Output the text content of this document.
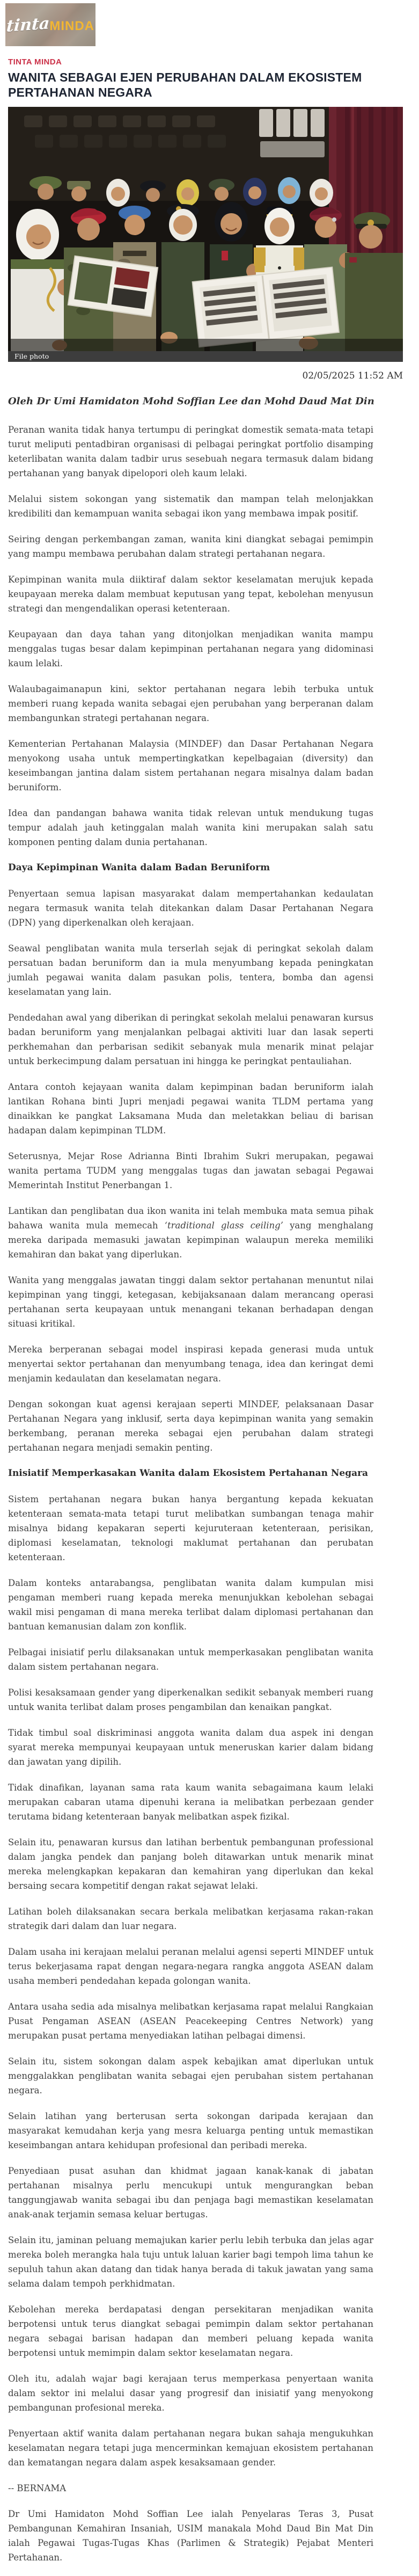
tinta
MINDA
TINTA MINDA
WANITA SEBAGAI EJEN PERUBAHAN DALAM EKOSISTEM PERTAHANAN NEGARA
File photo
02/05/2025 11:52 AM
Oleh Dr Umi Hamidaton Mohd Soffian Lee dan Mohd Daud Mat Din

Peranan wanita tidak hanya tertumpu di peringkat domestik semata-mata tetapi turut meliputi pentadbiran organisasi di pelbagai peringkat portfolio disamping keterlibatan wanita dalam tadbir urus sesebuah negara termasuk dalam bidang pertahanan yang banyak dipelopori oleh kaum lelaki.

Melalui sistem sokongan yang sistematik dan mampan telah melonjakkan kredibiliti dan kemampuan wanita sebagai ikon yang membawa impak positif.

Seiring dengan perkembangan zaman, wanita kini diangkat sebagai pemimpin yang mampu membawa perubahan dalam strategi pertahanan negara.

Kepimpinan wanita mula diiktiraf dalam sektor keselamatan merujuk kepada keupayaan mereka dalam membuat keputusan yang tepat, kebolehan menyusun strategi dan mengendalikan operasi ketenteraan.

Keupayaan dan daya tahan yang ditonjolkan menjadikan wanita mampu menggalas tugas besar dalam kepimpinan pertahanan negara yang didominasi kaum lelaki.

Walaubagaimanapun kini, sektor pertahanan negara lebih terbuka untuk memberi ruang kepada wanita sebagai ejen perubahan yang berperanan dalam membangunkan strategi pertahanan negara.

Kementerian Pertahanan Malaysia (MINDEF) dan Dasar Pertahanan Negara menyokong usaha untuk mempertingkatkan kepelbagaian (diversity) dan keseimbangan jantina dalam sistem pertahanan negara misalnya dalam badan beruniform.

Idea dan pandangan bahawa wanita tidak relevan untuk mendukung tugas tempur adalah jauh ketinggalan malah wanita kini merupakan salah satu komponen penting dalam dunia pertahanan.

Daya Kepimpinan Wanita dalam Badan Beruniform

Penyertaan semua lapisan masyarakat dalam mempertahankan kedaulatan negara termasuk wanita telah ditekankan dalam Dasar Pertahanan Negara (DPN) yang diperkenalkan oleh kerajaan.

Seawal penglibatan wanita mula terserlah sejak di peringkat sekolah dalam persatuan badan beruniform dan ia mula menyumbang kepada peningkatan jumlah pegawai wanita dalam pasukan polis, tentera, bomba dan agensi keselamatan yang lain.

Pendedahan awal yang diberikan di peringkat sekolah melalui penawaran kursus badan beruniform yang menjalankan pelbagai aktiviti luar dan lasak seperti perkhemahan dan perbarisan sedikit sebanyak mula menarik minat pelajar untuk berkecimpung dalam persatuan ini hingga ke peringkat pentauliahan.

Antara contoh kejayaan wanita dalam kepimpinan badan beruniform ialah lantikan Rohana binti Jupri menjadi pegawai wanita TLDM pertama yang dinaikkan ke pangkat Laksamana Muda dan meletakkan beliau di barisan hadapan dalam kepimpinan TLDM.

Seterusnya, Mejar Rose Adrianna Binti Ibrahim Sukri merupakan, pegawai wanita pertama TUDM yang menggalas tugas dan jawatan sebagai Pegawai Memerintah Institut Penerbangan 1.

Lantikan dan penglibatan dua ikon wanita ini telah membuka mata semua pihak bahawa wanita mula memecah ‘traditional glass ceiling’ yang menghalang mereka daripada memasuki jawatan kepimpinan walaupun mereka memiliki kemahiran dan bakat yang diperlukan.

Wanita yang menggalas jawatan tinggi dalam sektor pertahanan menuntut nilai kepimpinan yang tinggi, ketegasan, kebijaksanaan dalam merancang operasi pertahanan serta keupayaan untuk menangani tekanan berhadapan dengan situasi kritikal.

Mereka berperanan sebagai model inspirasi kepada generasi muda untuk menyertai sektor pertahanan dan menyumbang tenaga, idea dan keringat demi menjamin kedaulatan dan keselamatan negara.

Dengan sokongan kuat agensi kerajaan seperti MINDEF, pelaksanaan Dasar Pertahanan Negara yang inklusif, serta daya kepimpinan wanita yang semakin berkembang, peranan mereka sebagai ejen perubahan dalam strategi pertahanan negara menjadi semakin penting.

Inisiatif Memperkasakan Wanita dalam Ekosistem Pertahanan Negara

Sistem pertahanan negara bukan hanya bergantung kepada kekuatan ketenteraan semata-mata tetapi turut melibatkan sumbangan tenaga mahir misalnya bidang kepakaran seperti kejuruteraan ketenteraan, perisikan, diplomasi keselamatan, teknologi maklumat pertahanan dan perubatan ketenteraan.

Dalam konteks antarabangsa, penglibatan wanita dalam kumpulan misi pengaman memberi ruang kepada mereka menunjukkan kebolehan sebagai wakil misi pengaman di mana mereka terlibat dalam diplomasi pertahanan dan bantuan kemanusian dalam zon konflik.

Pelbagai inisiatif perlu dilaksanakan untuk memperkasakan penglibatan wanita dalam sistem pertahanan negara.

Polisi kesaksamaan gender yang diperkenalkan sedikit sebanyak memberi ruang untuk wanita terlibat dalam proses pengambilan dan kenaikan pangkat.

Tidak timbul soal diskriminasi anggota wanita dalam dua aspek ini dengan syarat mereka mempunyai keupayaan untuk meneruskan karier dalam bidang dan jawatan yang dipilih.

Tidak dinafikan, layanan sama rata kaum wanita sebagaimana kaum lelaki merupakan cabaran utama dipenuhi kerana ia melibatkan perbezaan gender terutama bidang ketenteraan banyak melibatkan aspek fizikal.

Selain itu, penawaran kursus dan latihan berbentuk pembangunan professional dalam jangka pendek dan panjang boleh ditawarkan untuk menarik minat mereka melengkapkan kepakaran dan kemahiran yang diperlukan dan kekal bersaing secara kompetitif dengan rakat sejawat lelaki.

Latihan boleh dilaksanakan secara berkala melibatkan kerjasama rakan-rakan strategik dari dalam dan luar negara.

Dalam usaha ini kerajaan melalui peranan melalui agensi seperti MINDEF untuk terus bekerjasama rapat dengan negara-negara rangka anggota ASEAN dalam usaha memberi pendedahan kepada golongan wanita.

Antara usaha sedia ada misalnya melibatkan kerjasama rapat melalui Rangkaian Pusat Pengaman ASEAN (ASEAN Peacekeeping Centres Network) yang merupakan pusat pertama menyediakan latihan pelbagai dimensi.

Selain itu, sistem sokongan dalam aspek kebajikan amat diperlukan untuk menggalakkan penglibatan wanita sebagai ejen perubahan sistem pertahanan negara.

Selain latihan yang berterusan serta sokongan daripada kerajaan dan masyarakat kemudahan kerja yang mesra keluarga penting untuk memastikan keseimbangan antara kehidupan profesional dan peribadi mereka.

Penyediaan pusat asuhan dan khidmat jagaan kanak-kanak di jabatan pertahanan misalnya perlu mencukupi untuk mengurangkan beban tanggungjawab wanita sebagai ibu dan penjaga bagi memastikan keselamatan anak-anak terjamin semasa keluar bertugas.

Selain itu, jaminan peluang memajukan karier perlu lebih terbuka dan jelas agar mereka boleh merangka hala tuju untuk laluan karier bagi tempoh lima tahun ke sepuluh tahun akan datang dan tidak hanya berada di takuk jawatan yang sama selama dalam tempoh perkhidmatan.

Kebolehan mereka berdapatasi dengan persekitaran menjadikan wanita berpotensi untuk terus diangkat sebagai pemimpin dalam sektor pertahanan negara sebagai barisan hadapan dan memberi peluang kepada wanita berpotensi untuk memimpin dalam sektor keselamatan negara.

Oleh itu, adalah wajar bagi kerajaan terus memperkasa penyertaan wanita dalam sektor ini melalui dasar yang progresif dan inisiatif yang menyokong pembangunan profesional mereka.

Penyertaan aktif wanita dalam pertahanan negara bukan sahaja mengukuhkan keselamatan negara tetapi juga mencerminkan kemajuan ekosistem pertahanan dan kematangan negara dalam aspek kesaksamaan gender.

-- BERNAMA

Dr Umi Hamidaton Mohd Soffian Lee ialah Penyelaras Teras 3, Pusat Pembangunan Kemahiran Insaniah, USIM manakala Mohd Daud Bin Mat Din ialah Pegawai Tugas-Tugas Khas (Parlimen & Strategik) Pejabat Menteri Pertahanan.
